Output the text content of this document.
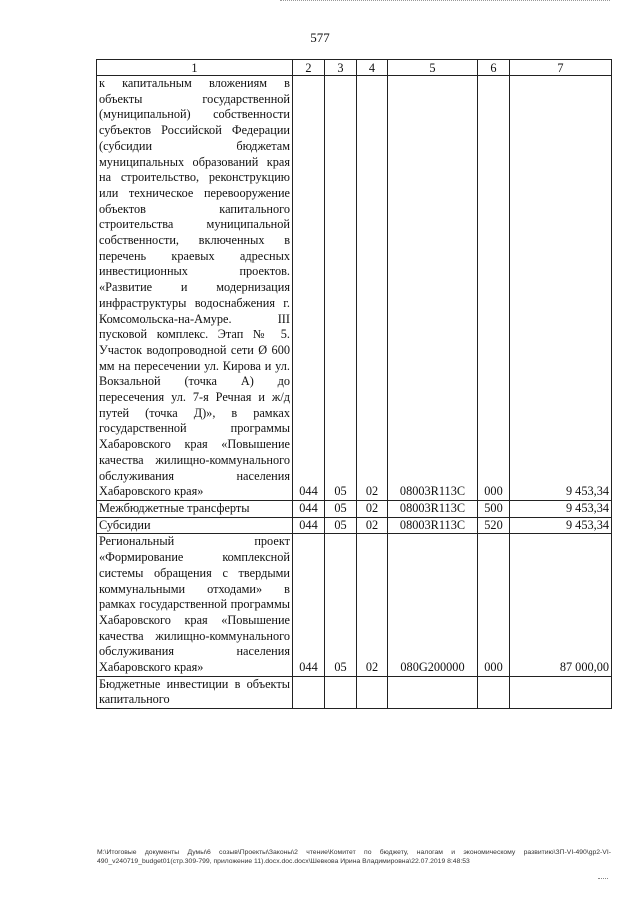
577
1	2	3	4	5	6	7
к капитальным вложениям в объекты государственной (муниципальной) собственности субъектов Российской Федерации (субсидии бюджетам муниципальных образований края на строительство, реконструкцию или техническое перевооружение объектов капитального строительства муниципальной собственности, включенных в перечень краевых адресных инвестиционных проектов. «Развитие и модернизация инфраструктуры водоснабжения г. Комсомольска-на-Амуре. III пусковой комплекс. Этап № 5. Участок водопроводной сети Ø 600 мм на пересечении ул. Кирова и ул. Вокзальной (точка А) до пересечения ул. 7-я Речная и ж/д путей (точка Д)», в рамках государственной программы Хабаровского края «Повышение качества жилищно-коммунального обслуживания населения Хабаровского края»	044	05	02	08003R113C	000	9 453,34
Межбюджетные трансферты	044	05	02	08003R113C	500	9 453,34
Субсидии	044	05	02	08003R113C	520	9 453,34
Региональный проект «Формирование комплексной системы обращения с твердыми коммунальными отходами» в рамках государственной программы Хабаровского края «Повышение качества жилищно-коммунального обслуживания населения Хабаровского края»	044	05	02	080G200000	000	87 000,00
Бюджетные инвестиции в объекты капитального						
M:\Итоговые документы Думы\6 созыв\Проекты\Законы\2 чтение\Комитет по бюджету, налогам и экономическому развитию\ЗП-VI-490\gp2-VI-490_v240719_budget01(стр.309-799, приложение 11).docx.doc.docx\Шевкова Ирина Владимировна\22.07.2019 8:48:53
